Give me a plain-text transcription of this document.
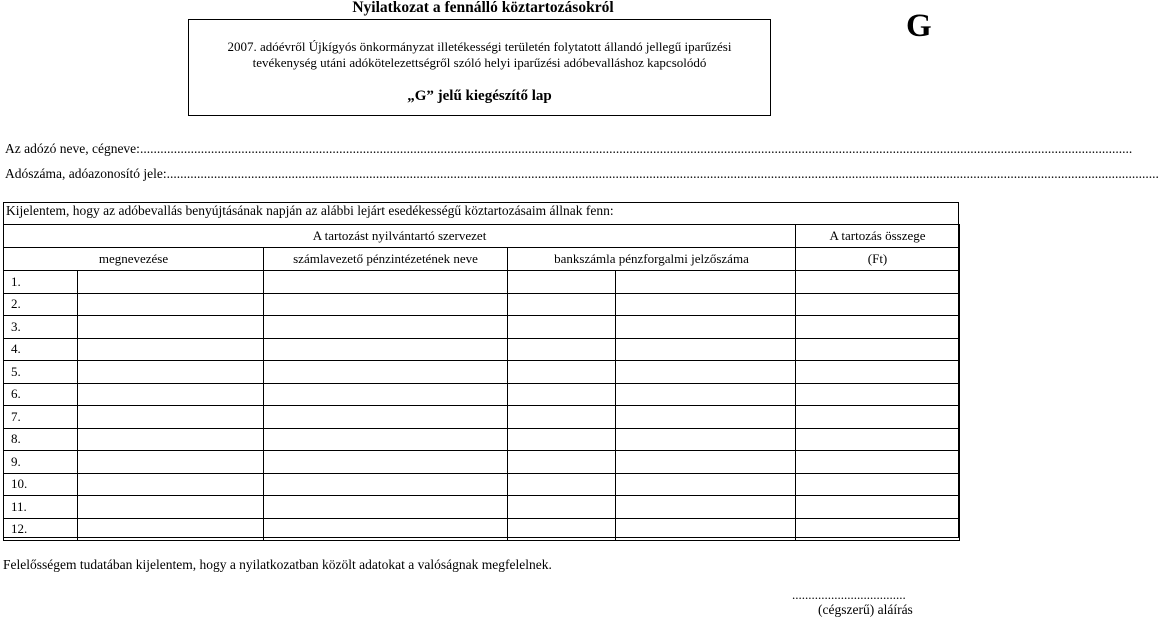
Nyilatkozat a fennálló köztartozásokról
2007. adóévről Újkígyós önkormányzat illetékességi területén folytatott állandó jellegű iparűzési
tevékenység utáni adókötelezettségről szóló helyi iparűzési adóbevalláshoz kapcsolódó
„G” jelű kiegészítő lap
G
Az adózó neve, cégneve:......................................................................................................................................................................................................................................................................................................
Adószáma, adóazonosító jele:......................................................................................................................................................................................................................................................................................................
Kijelentem, hogy az adóbevallás benyújtásának napján az alábbi lejárt esedékességű köztartozásaim állnak fenn:
A tartozást nyilvántartó szervezet					A tartozás összege
megnevezése		számlavezető pénzintézetének neve	bankszámla pénzforgalmi jelzőszáma		(Ft)
1.					
2.					
3.					
4.					
5.					
6.					
7.					
8.					
9.					
10.					
11.					
12.					
Felelősségem tudatában kijelentem, hogy a nyilatkozatban közölt adatokat a valóságnak megfelelnek.
...................................
(cégszerű) aláírás
